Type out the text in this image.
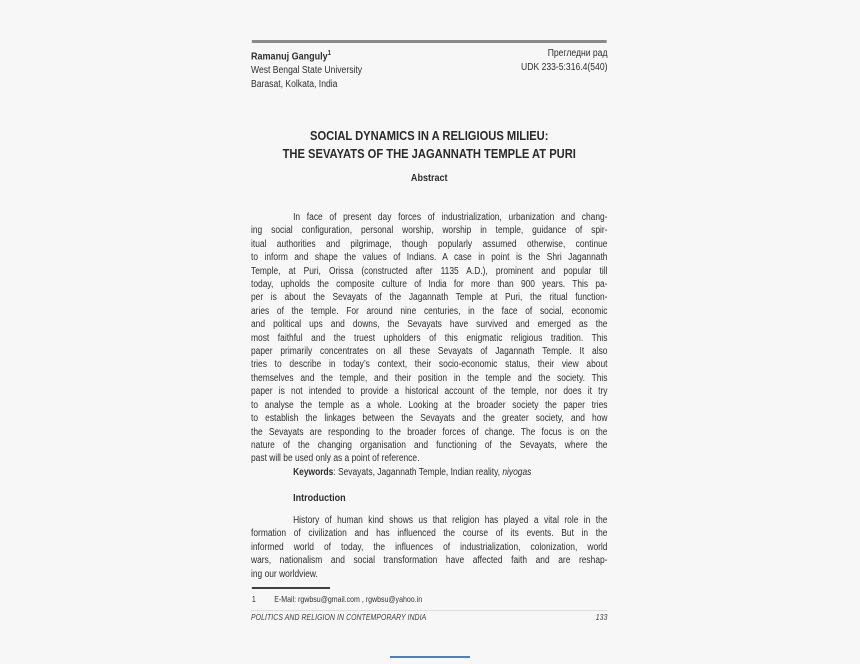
Ramanuj Ganguly$^1$
West Bengal State University
Barasat, Kolkata, India
Прегледни рад
UDK 233-5:316.4(540)
SOCIAL DYNAMICS IN A RELIGIOUS MILIEU:
THE SEVAYATS OF THE JAGANNATH TEMPLE AT PURI
Abstract
In face of present day forces of industrialization, urbanization and chang-
ing social configuration, personal worship, worship in temple, guidance of spir-
itual authorities and pilgrimage, though popularly assumed otherwise, continue
to inform and shape the values of Indians. A case in point is the Shri Jagannath
Temple, at Puri, Orissa (constructed after 1135 A.D.), prominent and popular till
today, upholds the composite culture of India for more than 900 years. This pa-
per is about the Sevayats of the Jagannath Temple at Puri, the ritual function-
aries of the temple. For around nine centuries, in the face of social, economic
and political ups and downs, the Sevayats have survived and emerged as the
most faithful and the truest upholders of this enigmatic religious tradition. This
paper primarily concentrates on all these Sevayats of Jagannath Temple. It also
tries to describe in today’s context, their socio-economic status, their view about
themselves and the temple, and their position in the temple and the society. This
paper is not intended to provide a historical account of the temple, nor does it try
to analyse the temple as a whole. Looking at the broader society the paper tries
to establish the linkages between the Sevayats and the greater society, and how
the Sevayats are responding to the broader forces of change. The focus is on the
nature of the changing organisation and functioning of the Sevayats, where the
past will be used only as a point of reference.
Keywords: Sevayats, Jagannath Temple, Indian reality, niyogas
Introduction
History of human kind shows us that religion has played a vital role in the
formation of civilization and has influenced the course of its events. But in the
informed world of today, the influences of industrialization, colonization, world
wars, nationalism and social transformation have affected faith and are reshap-
ing our worldview.
1	E-Mail: rgwbsu@gmail.com , rgwbsu@yahoo.in
POLITICS AND RELIGION IN CONTEMPORARY INDIA	133
